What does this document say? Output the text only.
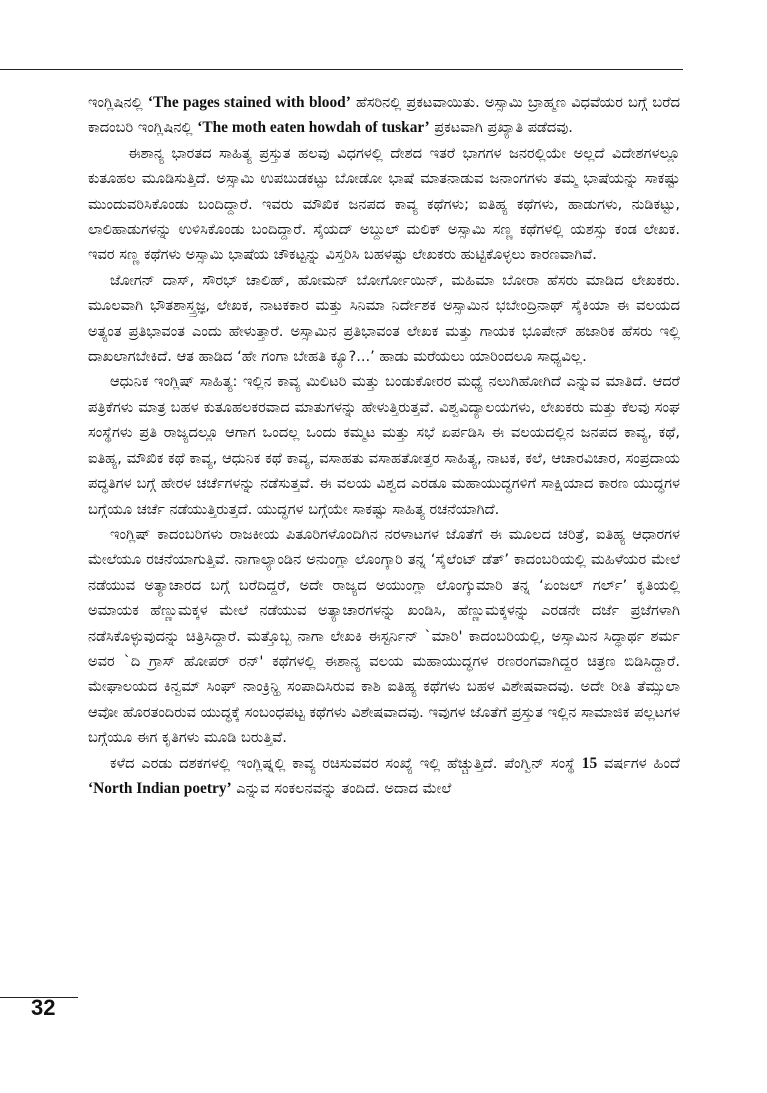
ಇಂಗ್ಲಿಷಿನಲ್ಲಿ ‘The pages stained with blood’ ಹೆಸರಿನಲ್ಲಿ ಪ್ರಕಟವಾಯಿತು. ಅಸ್ಸಾಮಿ ಬ್ರಾಹ್ಮಣ ವಿಧವೆಯರ ಬಗ್ಗೆ ಬರೆದ ಕಾದಂಬರಿ ಇಂಗ್ಲಿಷಿನಲ್ಲಿ ‘The moth eaten howdah of tuskar’ ಪ್ರಕಟವಾಗಿ ಪ್ರಖ್ಯಾತಿ ಪಡೆದವು.

ಈಶಾನ್ಯ ಭಾರತದ ಸಾಹಿತ್ಯ ಪ್ರಸ್ತುತ ಹಲವು ವಿಧಗಳಲ್ಲಿ ದೇಶದ ಇತರೆ ಭಾಗಗಳ ಜನರಲ್ಲಿಯೇ ಅಲ್ಲದೆ ವಿದೇಶಗಳಲ್ಲೂ ಕುತೂಹಲ ಮೂಡಿಸುತ್ತಿದೆ. ಅಸ್ಸಾಮಿ ಉಪಬುಡಕಟ್ಟು ಬೋಡೋ ಭಾಷೆ ಮಾತನಾಡುವ ಜನಾಂಗಗಳು ತಮ್ಮ ಭಾಷೆಯನ್ನು ಸಾಕಷ್ಟು ಮುಂದುವರಿಸಿಕೊಂಡು ಬಂದಿದ್ದಾರೆ. ಇವರು ಮೌಖಿಕ ಜನಪದ ಕಾವ್ಯ ಕಥೆಗಳು; ಐತಿಹ್ಯ ಕಥೆಗಳು, ಹಾಡುಗಳು, ನುಡಿಕಟ್ಟು, ಲಾಲಿಹಾಡುಗಳನ್ನು ಉಳಿಸಿಕೊಂಡು ಬಂದಿದ್ದಾರೆ. ಸೈಯದ್ ಅಬ್ದುಲ್ ಮಲಿಕ್ ಅಸ್ಸಾಮಿ ಸಣ್ಣ ಕಥೆಗಳಲ್ಲಿ ಯಶಸ್ಸು ಕಂಡ ಲೇಖಕ. ಇವರ ಸಣ್ಣ ಕಥೆಗಳು ಅಸ್ಸಾಮಿ ಭಾಷೆಯ ಚೌಕಟ್ಟನ್ನು ವಿಸ್ತರಿಸಿ ಬಹಳಷ್ಟು ಲೇಖಕರು ಹುಟ್ಟಿಕೊಳ್ಳಲು ಕಾರಣವಾಗಿವೆ.

ಜೋಗನ್ ದಾಸ್, ಸೌರಭ್ ಚಾಲಿಹ್, ಹೋಮನ್ ಬೋರ್ಗೋಯಿನ್, ಮಹಿಮಾ ಬೋರಾ ಹೆಸರು ಮಾಡಿದ ಲೇಖಕರು. ಮೂಲವಾಗಿ ಭೌತಶಾಸ್ತ್ರಜ್ಞ, ಲೇಖಕ, ನಾಟಕಕಾರ ಮತ್ತು ಸಿನಿಮಾ ನಿರ್ದೇಶಕ ಅಸ್ಸಾಮಿನ ಭಬೇಂದ್ರಿನಾಥ್ ಸೈಕಿಯಾ ಈ ವಲಯದ ಅತ್ಯಂತ ಪ್ರತಿಭಾವಂತ ಎಂದು ಹೇಳುತ್ತಾರೆ. ಅಸ್ಸಾಮಿನ ಪ್ರತಿಭಾವಂತ ಲೇಖಕ ಮತ್ತು ಗಾಯಕ ಭೂಪೇನ್ ಹಜಾರಿಕ ಹೆಸರು ಇಲ್ಲಿ ದಾಖಲಾಗಬೇಕಿದೆ. ಆತ ಹಾಡಿದ ‘ಹೇ ಗಂಗಾ ಬೇಹತಿ ಕ್ಯೂ?...’ ಹಾಡು ಮರೆಯಲು ಯಾರಿಂದಲೂ ಸಾಧ್ಯವಿಲ್ಲ.

ಆಧುನಿಕ ಇಂಗ್ಲಿಷ್ ಸಾಹಿತ್ಯ: ಇಲ್ಲಿನ ಕಾವ್ಯ ಮಿಲಿಟರಿ ಮತ್ತು ಬಂಡುಕೋರರ ಮಧ್ಯೆ ನಲುಗಿಹೋಗಿದೆ ಎನ್ನುವ ಮಾತಿದೆ. ಆದರೆ ಪತ್ರಿಕೆಗಳು ಮಾತ್ರ ಬಹಳ ಕುತೂಹಲಕರವಾದ ಮಾತುಗಳನ್ನು ಹೇಳುತ್ತಿರುತ್ತವೆ. ವಿಶ್ವವಿದ್ಯಾಲಯಗಳು, ಲೇಖಕರು ಮತ್ತು ಕೆಲವು ಸಂಘ ಸಂಸ್ಥೆಗಳು ಪ್ರತಿ ರಾಜ್ಯದಲ್ಲೂ ಆಗಾಗ ಒಂದಲ್ಲ ಒಂದು ಕಮ್ಮಟ ಮತ್ತು ಸಭೆ ಏರ್ಪಡಿಸಿ ಈ ವಲಯದಲ್ಲಿನ ಜನಪದ ಕಾವ್ಯ, ಕಥೆ, ಐತಿಹ್ಯ, ಮೌಖಿಕ ಕಥೆ ಕಾವ್ಯ, ಆಧುನಿಕ ಕಥೆ ಕಾವ್ಯ, ವಸಾಹತು ವಸಾಹತೋತ್ತರ ಸಾಹಿತ್ಯ, ನಾಟಕ, ಕಲೆ, ಆಚಾರವಿಚಾರ, ಸಂಪ್ರದಾಯ ಪದ್ಧತಿಗಳ ಬಗ್ಗೆ ಹೇರಳ ಚರ್ಚೆಗಳನ್ನು ನಡೆಸುತ್ತವೆ. ಈ ವಲಯ ವಿಶ್ವದ ಎರಡೂ ಮಹಾಯುದ್ಧಗಳಿಗೆ ಸಾಕ್ಷಿಯಾದ ಕಾರಣ ಯುದ್ಧಗಳ ಬಗ್ಗೆಯೂ ಚರ್ಚೆ ನಡೆಯುತ್ತಿರುತ್ತದೆ. ಯುದ್ಧಗಳ ಬಗ್ಗೆಯೇ ಸಾಕಷ್ಟು ಸಾಹಿತ್ಯ ರಚನೆಯಾಗಿದೆ.

ಇಂಗ್ಲಿಷ್ ಕಾದಂಬರಿಗಳು ರಾಜಕೀಯ ಪಿತೂರಿಗಳೊಂದಿಗಿನ ನರಳಾಟಗಳ ಜೊತೆಗೆ ಈ ಮೂಲದ ಚರಿತ್ರೆ, ಐತಿಹ್ಯ ಆಧಾರಗಳ ಮೇಲೆಯೂ ರಚನೆಯಾಗುತ್ತಿವೆ. ನಾಗಾಲ್ಯಾಂಡಿನ ಅನುಂಗ್ಲಾ ಲೊಂಗ್ಕಾರಿ ತನ್ನ ‘ಸೈಲೆಂಟ್ ಡೆತ್’ ಕಾದಂಬರಿಯಲ್ಲಿ ಮಹಿಳೆಯರ ಮೇಲೆ ನಡೆಯುವ ಅತ್ಯಾಚಾರದ ಬಗ್ಗೆ ಬರೆದಿದ್ದರೆ, ಅದೇ ರಾಜ್ಯದ ಅಯುಂಗ್ಲಾ ಲೊಂಗ್ಕುಮಾರಿ ತನ್ನ ‘ಏಂಜಲ್ ಗರ್ಲ್’ ಕೃತಿಯಲ್ಲಿ ಅಮಾಯಕ ಹೆಣ್ಣುಮಕ್ಕಳ ಮೇಲೆ ನಡೆಯುವ ಅತ್ಯಾಚಾರಗಳನ್ನು ಖಂಡಿಸಿ, ಹೆಣ್ಣುಮಕ್ಕಳನ್ನು ಎರಡನೇ ದರ್ಜೆ ಪ್ರಜೆಗಳಾಗಿ ನಡೆಸಿಕೊಳ್ಳುವುದನ್ನು ಚಿತ್ರಿಸಿದ್ದಾರೆ. ಮತ್ತೊಬ್ಬ ನಾಗಾ ಲೇಖಕಿ ಈಸ್ಟರ್ನಿನ್ `ಮಾರಿ' ಕಾದಂಬರಿಯಲ್ಲಿ, ಅಸ್ಸಾಮಿನ ಸಿದ್ಧಾರ್ಥ ಶರ್ಮ ಅವರ `ದಿ ಗ್ರಾಸ್ ಹೋಪರ್ ರನ್' ಕಥೆಗಳಲ್ಲಿ ಈಶಾನ್ಯ ವಲಯ ಮಹಾಯುದ್ಧಗಳ ರಣರಂಗವಾಗಿದ್ದರ ಚಿತ್ರಣ ಬಿಡಿಸಿದ್ದಾರೆ. ಮೇಘಾಲಯದ ಕಿನ್ವಮ್ ಸಿಂಘ್ ನಾಂಕ್ರಿನ್ಹಿ ಸಂಪಾದಿಸಿರುವ ಕಾಶಿ ಐತಿಹ್ಯ ಕಥೆಗಳು ಬಹಳ ವಿಶೇಷವಾದವು. ಅದೇ ರೀತಿ ತೆಮ್ಸುಲಾ ಆವೋ ಹೊರತಂದಿರುವ ಯುದ್ಧಕ್ಕೆ ಸಂಬಂಧಪಟ್ಟ ಕಥೆಗಳು ವಿಶೇಷವಾದವು. ಇವುಗಳ ಜೊತೆಗೆ ಪ್ರಸ್ತುತ ಇಲ್ಲಿನ ಸಾಮಾಜಿಕ ಪಲ್ಲಟಗಳ ಬಗ್ಗೆಯೂ ಈಗ ಕೃತಿಗಳು ಮೂಡಿ ಬರುತ್ತಿವೆ.

ಕಳೆದ ಎರಡು ದಶಕಗಳಲ್ಲಿ ಇಂಗ್ಲಿಷ್ನಲ್ಲಿ ಕಾವ್ಯ ರಚಿಸುವವರ ಸಂಖ್ಯೆ ಇಲ್ಲಿ ಹೆಚ್ಚುತ್ತಿದೆ. ಪೆಂಗ್ವಿನ್ ಸಂಸ್ಥೆ 15 ವರ್ಷಗಳ ಹಿಂದೆ ‘North Indian poetry’ ಎನ್ನುವ ಸಂಕಲನವನ್ನು ತಂದಿದೆ. ಅದಾದ ಮೇಲೆ

32
